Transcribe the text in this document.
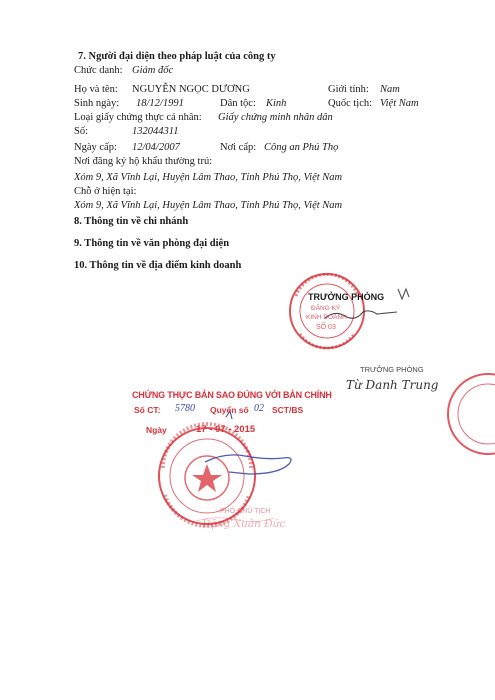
7. Người đại diện theo pháp luật của công ty
Chức danh: Giám đốc
Họ và tên: NGUYỄN NGỌC DƯƠNG	Giới tính: Nam
Sinh ngày: 18/12/1991	Dân tộc: Kinh	Quốc tịch: Việt Nam
Loại giấy chứng thực cá nhân: Giấy chứng minh nhân dân
Số:	132044311
Ngày cấp: 12/04/2007	Nơi cấp: Công an Phú Thọ
Nơi đăng ký hộ khẩu thường trú:
Xóm 9, Xã Vĩnh Lại, Huyện Lâm Thao, Tỉnh Phú Thọ, Việt Nam
Chỗ ở hiện tại:
Xóm 9, Xã Vĩnh Lại, Huyện Lâm Thao, Tỉnh Phú Thọ, Việt Nam
8. Thông tin về chi nhánh
9. Thông tin về văn phòng đại diện
10. Thông tin về địa điểm kinh doanh
TRƯỞNG PHÒNG
ĐĂNG KÝ
KINH DOANH
SỐ 03
TRƯỞNG PHÒNG
Từ Danh Trung
CHỨNG THỰC BẢN SAO ĐÚNG VỚI BẢN CHÍNH
Số CT: 5780 Quyển số 02 SCT/BS
Ngày	17 - 07 - 2015
PHÓ CHỦ TỊCH
Đặng Xuân Đức
